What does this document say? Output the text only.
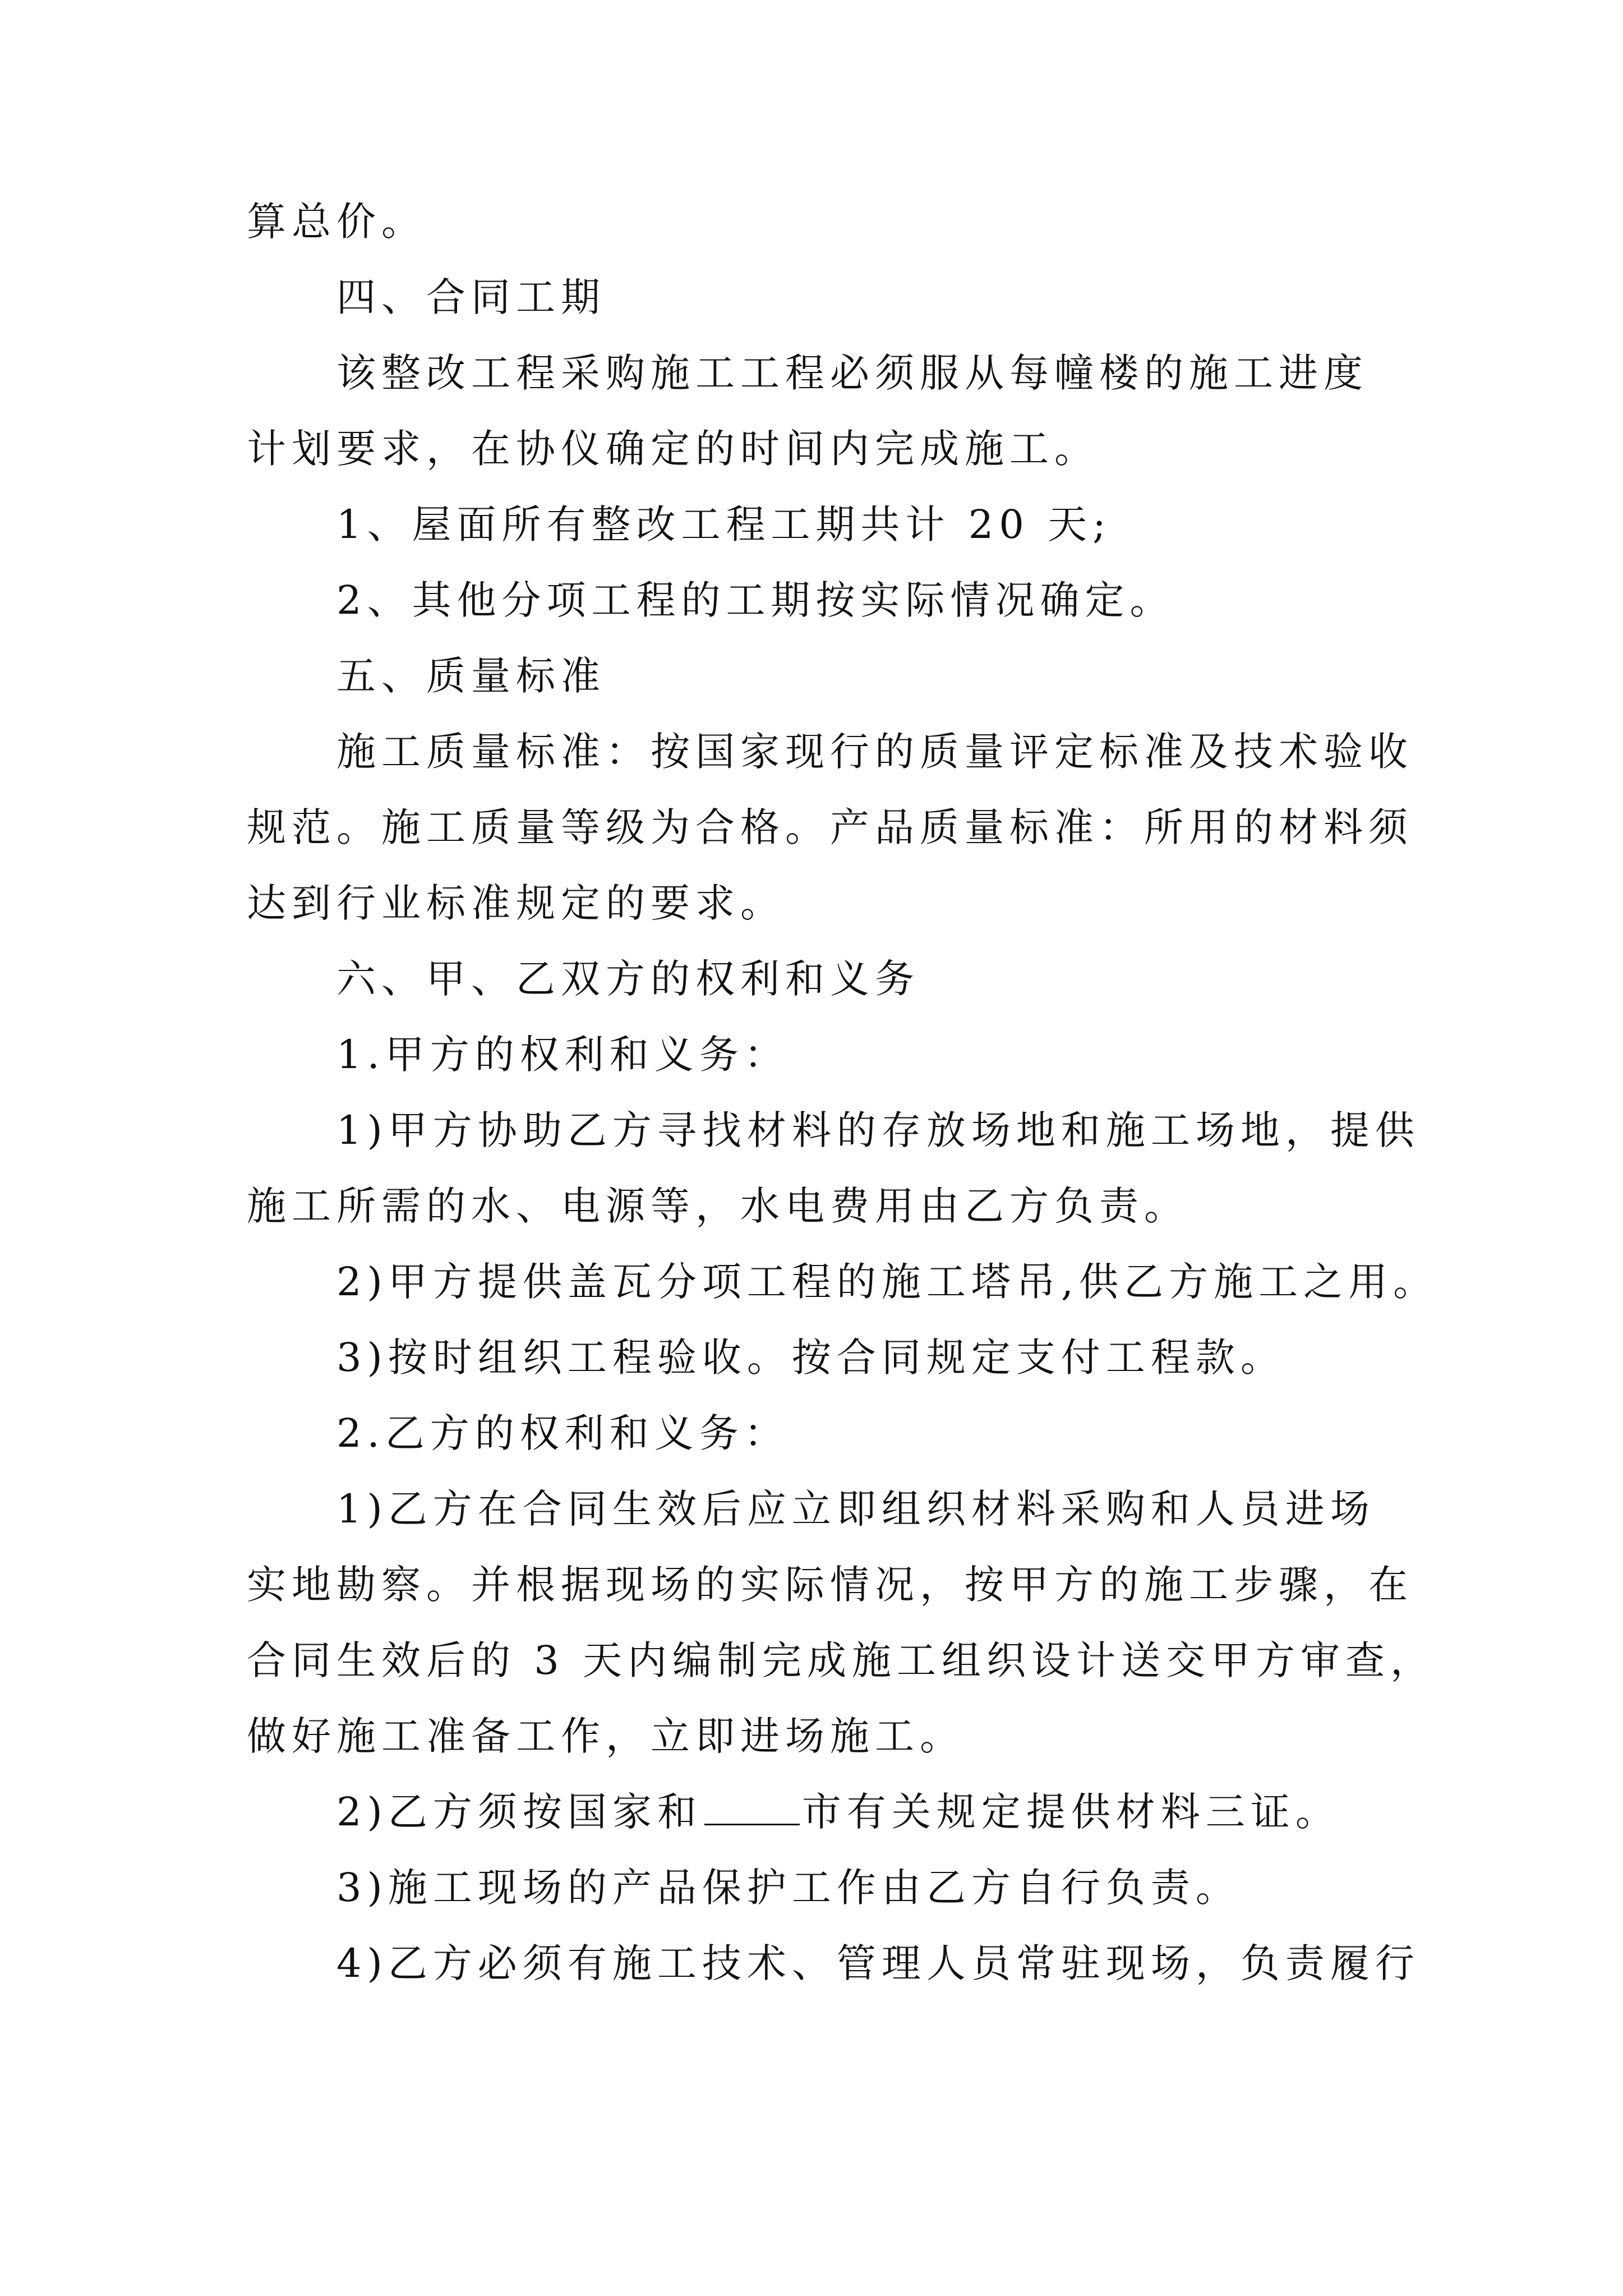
算总价。
四、合同工期
该整改工程采购施工工程必须服从每幢楼的施工进度
计划要求，在协仪确定的时间内完成施工。
1、屋面所有整改工程工期共计 20 天;
2、其他分项工程的工期按实际情况确定。
五、质量标准
施工质量标准：按国家现行的质量评定标准及技术验收
规范。施工质量等级为合格。产品质量标准：所用的材料须
达到行业标准规定的要求。
六、甲、乙双方的权利和义务
1.甲方的权利和义务：
1)甲方协助乙方寻找材料的存放场地和施工场地，提供
施工所需的水、电源等，水电费用由乙方负责。
2)甲方提供盖瓦分项工程的施工塔吊,供乙方施工之用。
3)按时组织工程验收。按合同规定支付工程款。
2.乙方的权利和义务：
1)乙方在合同生效后应立即组织材料采购和人员进场
实地勘察。并根据现场的实际情况，按甲方的施工步骤，在
合同生效后的 3 天内编制完成施工组织设计送交甲方审查，
做好施工准备工作，立即进场施工。
2)乙方须按国家和	市有关规定提供材料三证。
3)施工现场的产品保护工作由乙方自行负责。
4)乙方必须有施工技术、管理人员常驻现场，负责履行
